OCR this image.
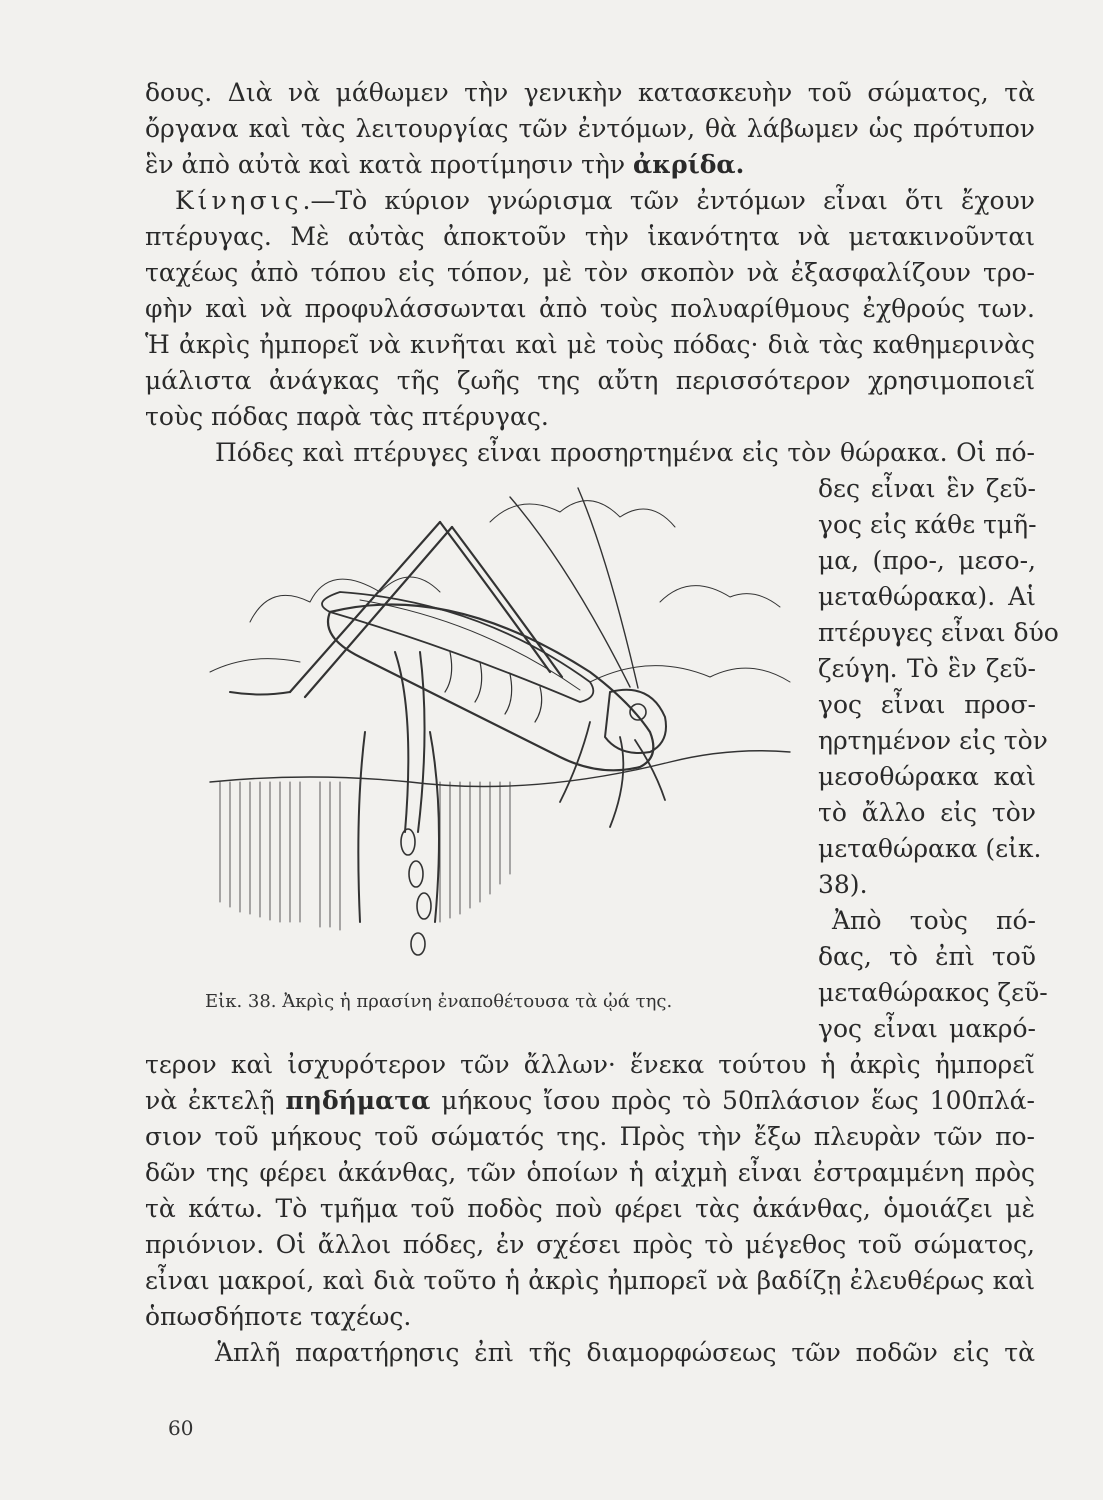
δους. Διὰ νὰ μάθωμεν τὴν γενικὴν κατασκευὴν τοῦ σώματος, τὰ
ὄργανα καὶ τὰς λειτουργίας τῶν ἐντόμων, θὰ λάβωμεν ὡς πρότυπον
ἓν ἀπὸ αὐτὰ καὶ κατὰ προτίμησιν τὴν ἀκρίδα.
Κίνησις.—Τὸ κύριον γνώρισμα τῶν ἐντόμων εἶναι ὅτι ἔχουν
πτέρυγας. Μὲ αὐτὰς ἀποκτοῦν τὴν ἱκανότητα νὰ μετακινοῦνται
ταχέως ἀπὸ τόπου εἰς τόπον, μὲ τὸν σκοπὸν νὰ ἐξασφαλίζουν τρο-
φὴν καὶ νὰ προφυλάσσωνται ἀπὸ τοὺς πολυαρίθμους ἐχθρούς των.
Ἡ ἀκρὶς ἠμπορεῖ νὰ κινῆται καὶ μὲ τοὺς πόδας· διὰ τὰς καθημερινὰς
μάλιστα ἀνάγκας τῆς ζωῆς της αὔτη περισσότερον χρησιμοποιεῖ
τοὺς πόδας παρὰ τὰς πτέρυγας.
Πόδες καὶ πτέρυγες εἶναι προσηρτημένα εἰς τὸν θώρακα. Οἱ πό-
δες εἶναι ἓν ζεῦ-
γος εἰς κάθε τμῆ-
μα, (προ-, μεσο-,
μεταθώρακα). Αἱ
πτέρυγες εἶναι δύο
ζεύγη. Τὸ ἓν ζεῦ-
γος εἶναι προσ-
ηρτημένον εἰς τὸν
μεσοθώρακα καὶ
τὸ ἄλλο εἰς τὸν
μεταθώρακα (εἰκ.
38).
Ἀπὸ τοὺς πό-
δας, τὸ ἐπὶ τοῦ
μεταθώρακος ζεῦ-
γος εἶναι μακρό-
Εἰκ. 38. Ἀκρὶς ἡ πρασίνη ἐναποθέτουσα τὰ ᾠά της.
τερον καὶ ἰσχυρότερον τῶν ἄλλων· ἕνεκα τούτου ἡ ἀκρὶς ἠμπορεῖ
νὰ ἐκτελῇ πηδήματα μήκους ἴσου πρὸς τὸ 50πλάσιον ἕως 100πλά-
σιον τοῦ μήκους τοῦ σώματός της. Πρὸς τὴν ἔξω πλευρὰν τῶν πο-
δῶν της φέρει ἀκάνθας, τῶν ὁποίων ἡ αἰχμὴ εἶναι ἐστραμμένη πρὸς
τὰ κάτω. Τὸ τμῆμα τοῦ ποδὸς ποὺ φέρει τὰς ἀκάνθας, ὁμοιάζει μὲ
πριόνιον. Οἱ ἄλλοι πόδες, ἐν σχέσει πρὸς τὸ μέγεθος τοῦ σώματος,
εἶναι μακροί, καὶ διὰ τοῦτο ἡ ἀκρὶς ἠμπορεῖ νὰ βαδίζῃ ἐλευθέρως καὶ
ὁπωσδήποτε ταχέως.
Ἁπλῆ παρατήρησις ἐπὶ τῆς διαμορφώσεως τῶν ποδῶν εἰς τὰ
60
